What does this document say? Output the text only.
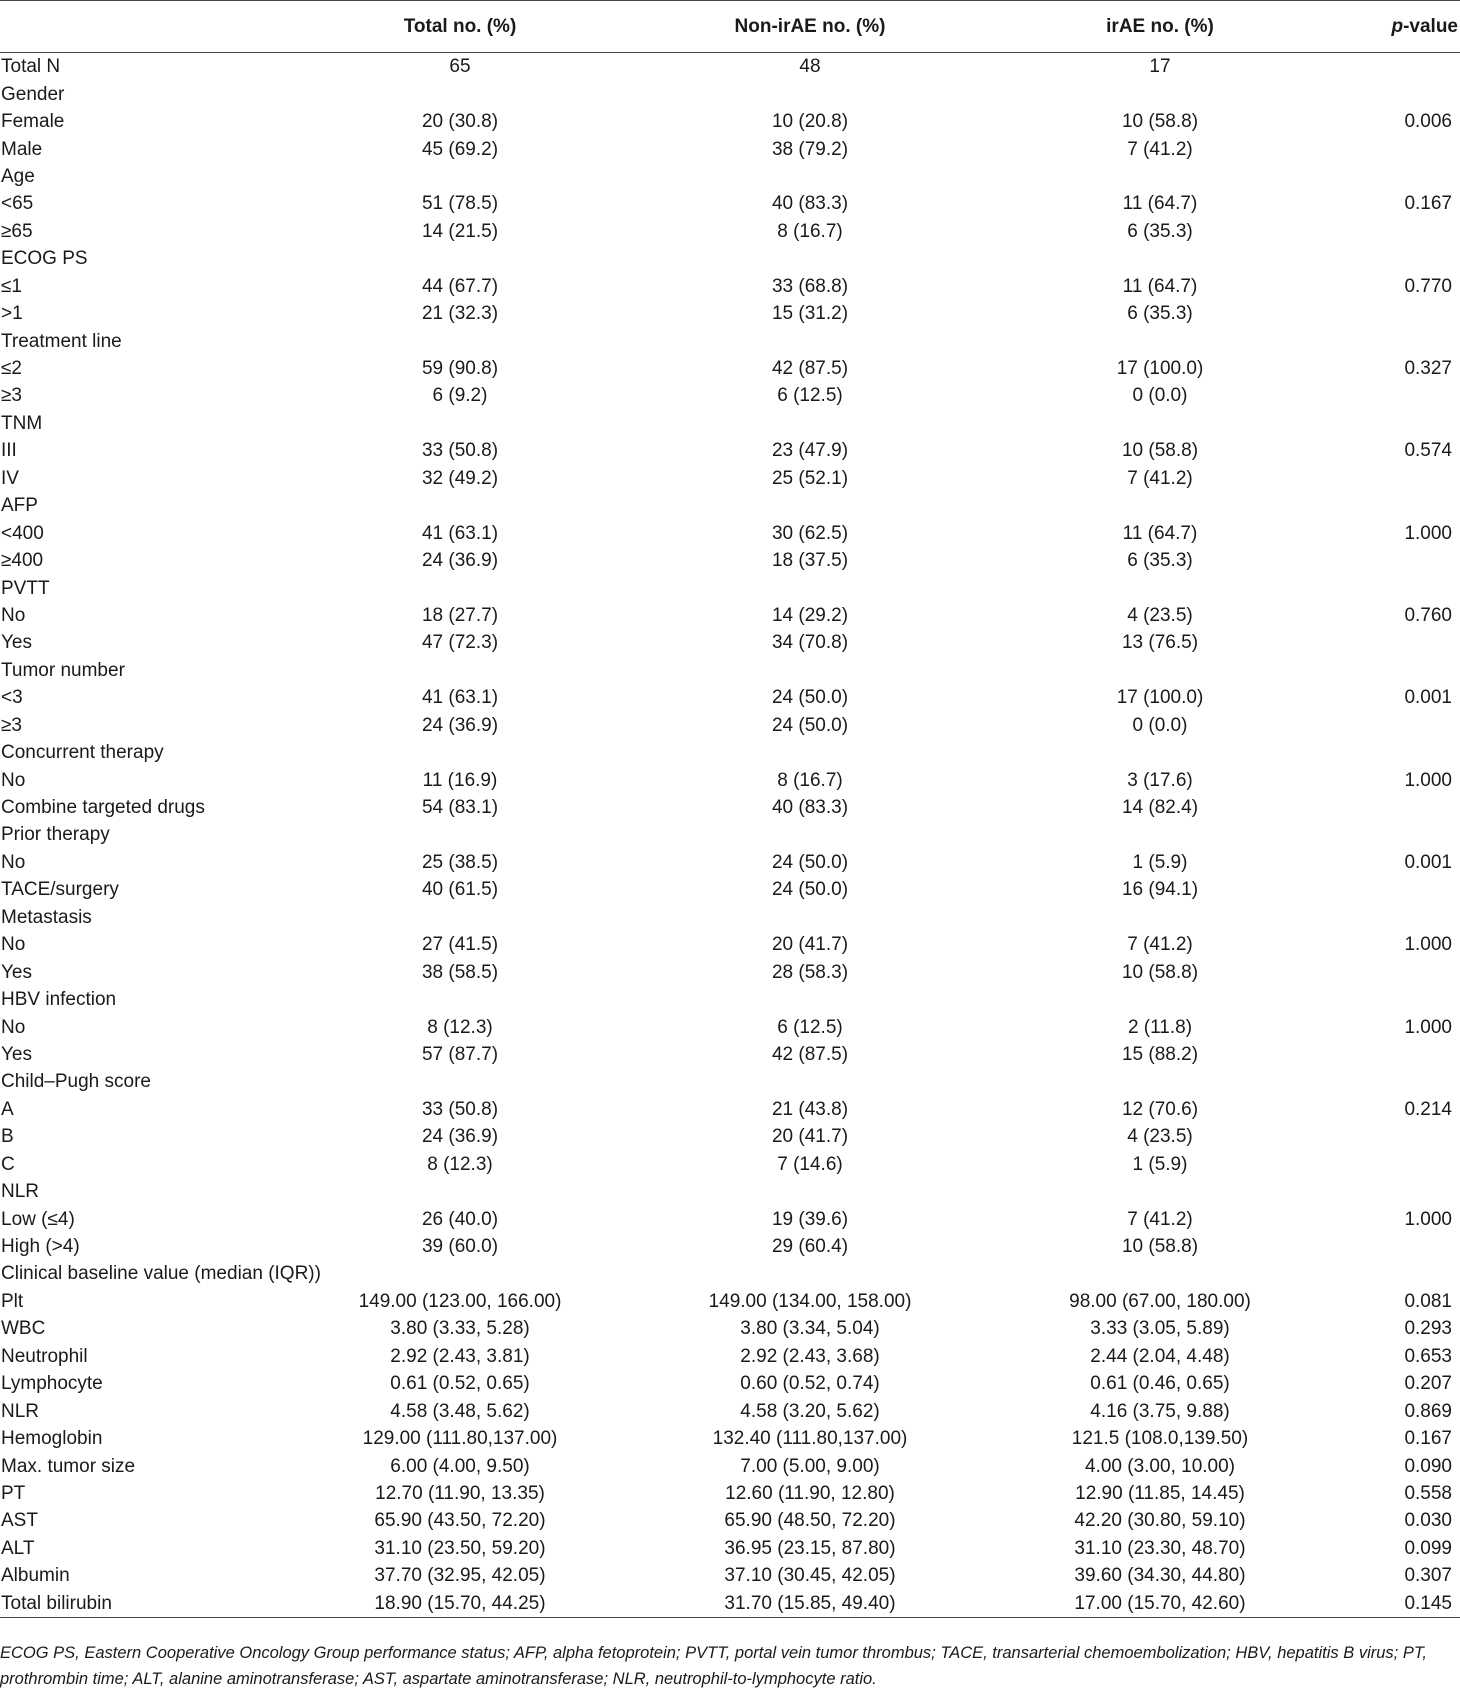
	Total no. (%)	Non-irAE no. (%)	irAE no. (%)	p-value
Total N	65	48	17	
Gender				
Female	20 (30.8)	10 (20.8)	10 (58.8)	0.006
Male	45 (69.2)	38 (79.2)	7 (41.2)	
Age				
<65	51 (78.5)	40 (83.3)	11 (64.7)	0.167
≥65	14 (21.5)	8 (16.7)	6 (35.3)	
ECOG PS				
≤1	44 (67.7)	33 (68.8)	11 (64.7)	0.770
>1	21 (32.3)	15 (31.2)	6 (35.3)	
Treatment line				
≤2	59 (90.8)	42 (87.5)	17 (100.0)	0.327
≥3	6 (9.2)	6 (12.5)	0 (0.0)	
TNM				
III	33 (50.8)	23 (47.9)	10 (58.8)	0.574
IV	32 (49.2)	25 (52.1)	7 (41.2)	
AFP				
<400	41 (63.1)	30 (62.5)	11 (64.7)	1.000
≥400	24 (36.9)	18 (37.5)	6 (35.3)	
PVTT				
No	18 (27.7)	14 (29.2)	4 (23.5)	0.760
Yes	47 (72.3)	34 (70.8)	13 (76.5)	
Tumor number				
<3	41 (63.1)	24 (50.0)	17 (100.0)	0.001
≥3	24 (36.9)	24 (50.0)	0 (0.0)	
Concurrent therapy				
No	11 (16.9)	8 (16.7)	3 (17.6)	1.000
Combine targeted drugs	54 (83.1)	40 (83.3)	14 (82.4)	
Prior therapy				
No	25 (38.5)	24 (50.0)	1 (5.9)	0.001
TACE/surgery	40 (61.5)	24 (50.0)	16 (94.1)	
Metastasis				
No	27 (41.5)	20 (41.7)	7 (41.2)	1.000
Yes	38 (58.5)	28 (58.3)	10 (58.8)	
HBV infection				
No	8 (12.3)	6 (12.5)	2 (11.8)	1.000
Yes	57 (87.7)	42 (87.5)	15 (88.2)	
Child–Pugh score				
A	33 (50.8)	21 (43.8)	12 (70.6)	0.214
B	24 (36.9)	20 (41.7)	4 (23.5)	
C	8 (12.3)	7 (14.6)	1 (5.9)	
NLR				
Low (≤4)	26 (40.0)	19 (39.6)	7 (41.2)	1.000
High (>4)	39 (60.0)	29 (60.4)	10 (58.8)	
Clinical baseline value (median (IQR))				
Plt	149.00 (123.00, 166.00)	149.00 (134.00, 158.00)	98.00 (67.00, 180.00)	0.081
WBC	3.80 (3.33, 5.28)	3.80 (3.34, 5.04)	3.33 (3.05, 5.89)	0.293
Neutrophil	2.92 (2.43, 3.81)	2.92 (2.43, 3.68)	2.44 (2.04, 4.48)	0.653
Lymphocyte	0.61 (0.52, 0.65)	0.60 (0.52, 0.74)	0.61 (0.46, 0.65)	0.207
NLR	4.58 (3.48, 5.62)	4.58 (3.20, 5.62)	4.16 (3.75, 9.88)	0.869
Hemoglobin	129.00 (111.80,137.00)	132.40 (111.80,137.00)	121.5 (108.0,139.50)	0.167
Max. tumor size	6.00 (4.00, 9.50)	7.00 (5.00, 9.00)	4.00 (3.00, 10.00)	0.090
PT	12.70 (11.90, 13.35)	12.60 (11.90, 12.80)	12.90 (11.85, 14.45)	0.558
AST	65.90 (43.50, 72.20)	65.90 (48.50, 72.20)	42.20 (30.80, 59.10)	0.030
ALT	31.10 (23.50, 59.20)	36.95 (23.15, 87.80)	31.10 (23.30, 48.70)	0.099
Albumin	37.70 (32.95, 42.05)	37.10 (30.45, 42.05)	39.60 (34.30, 44.80)	0.307
Total bilirubin	18.90 (15.70, 44.25)	31.70 (15.85, 49.40)	17.00 (15.70, 42.60)	0.145
ECOG PS, Eastern Cooperative Oncology Group performance status; AFP, alpha fetoprotein; PVTT, portal vein tumor thrombus; TACE, transarterial chemoembolization; HBV, hepatitis B virus; PT, prothrombin time; ALT, alanine aminotransferase; AST, aspartate aminotransferase; NLR, neutrophil-to-lymphocyte ratio.
